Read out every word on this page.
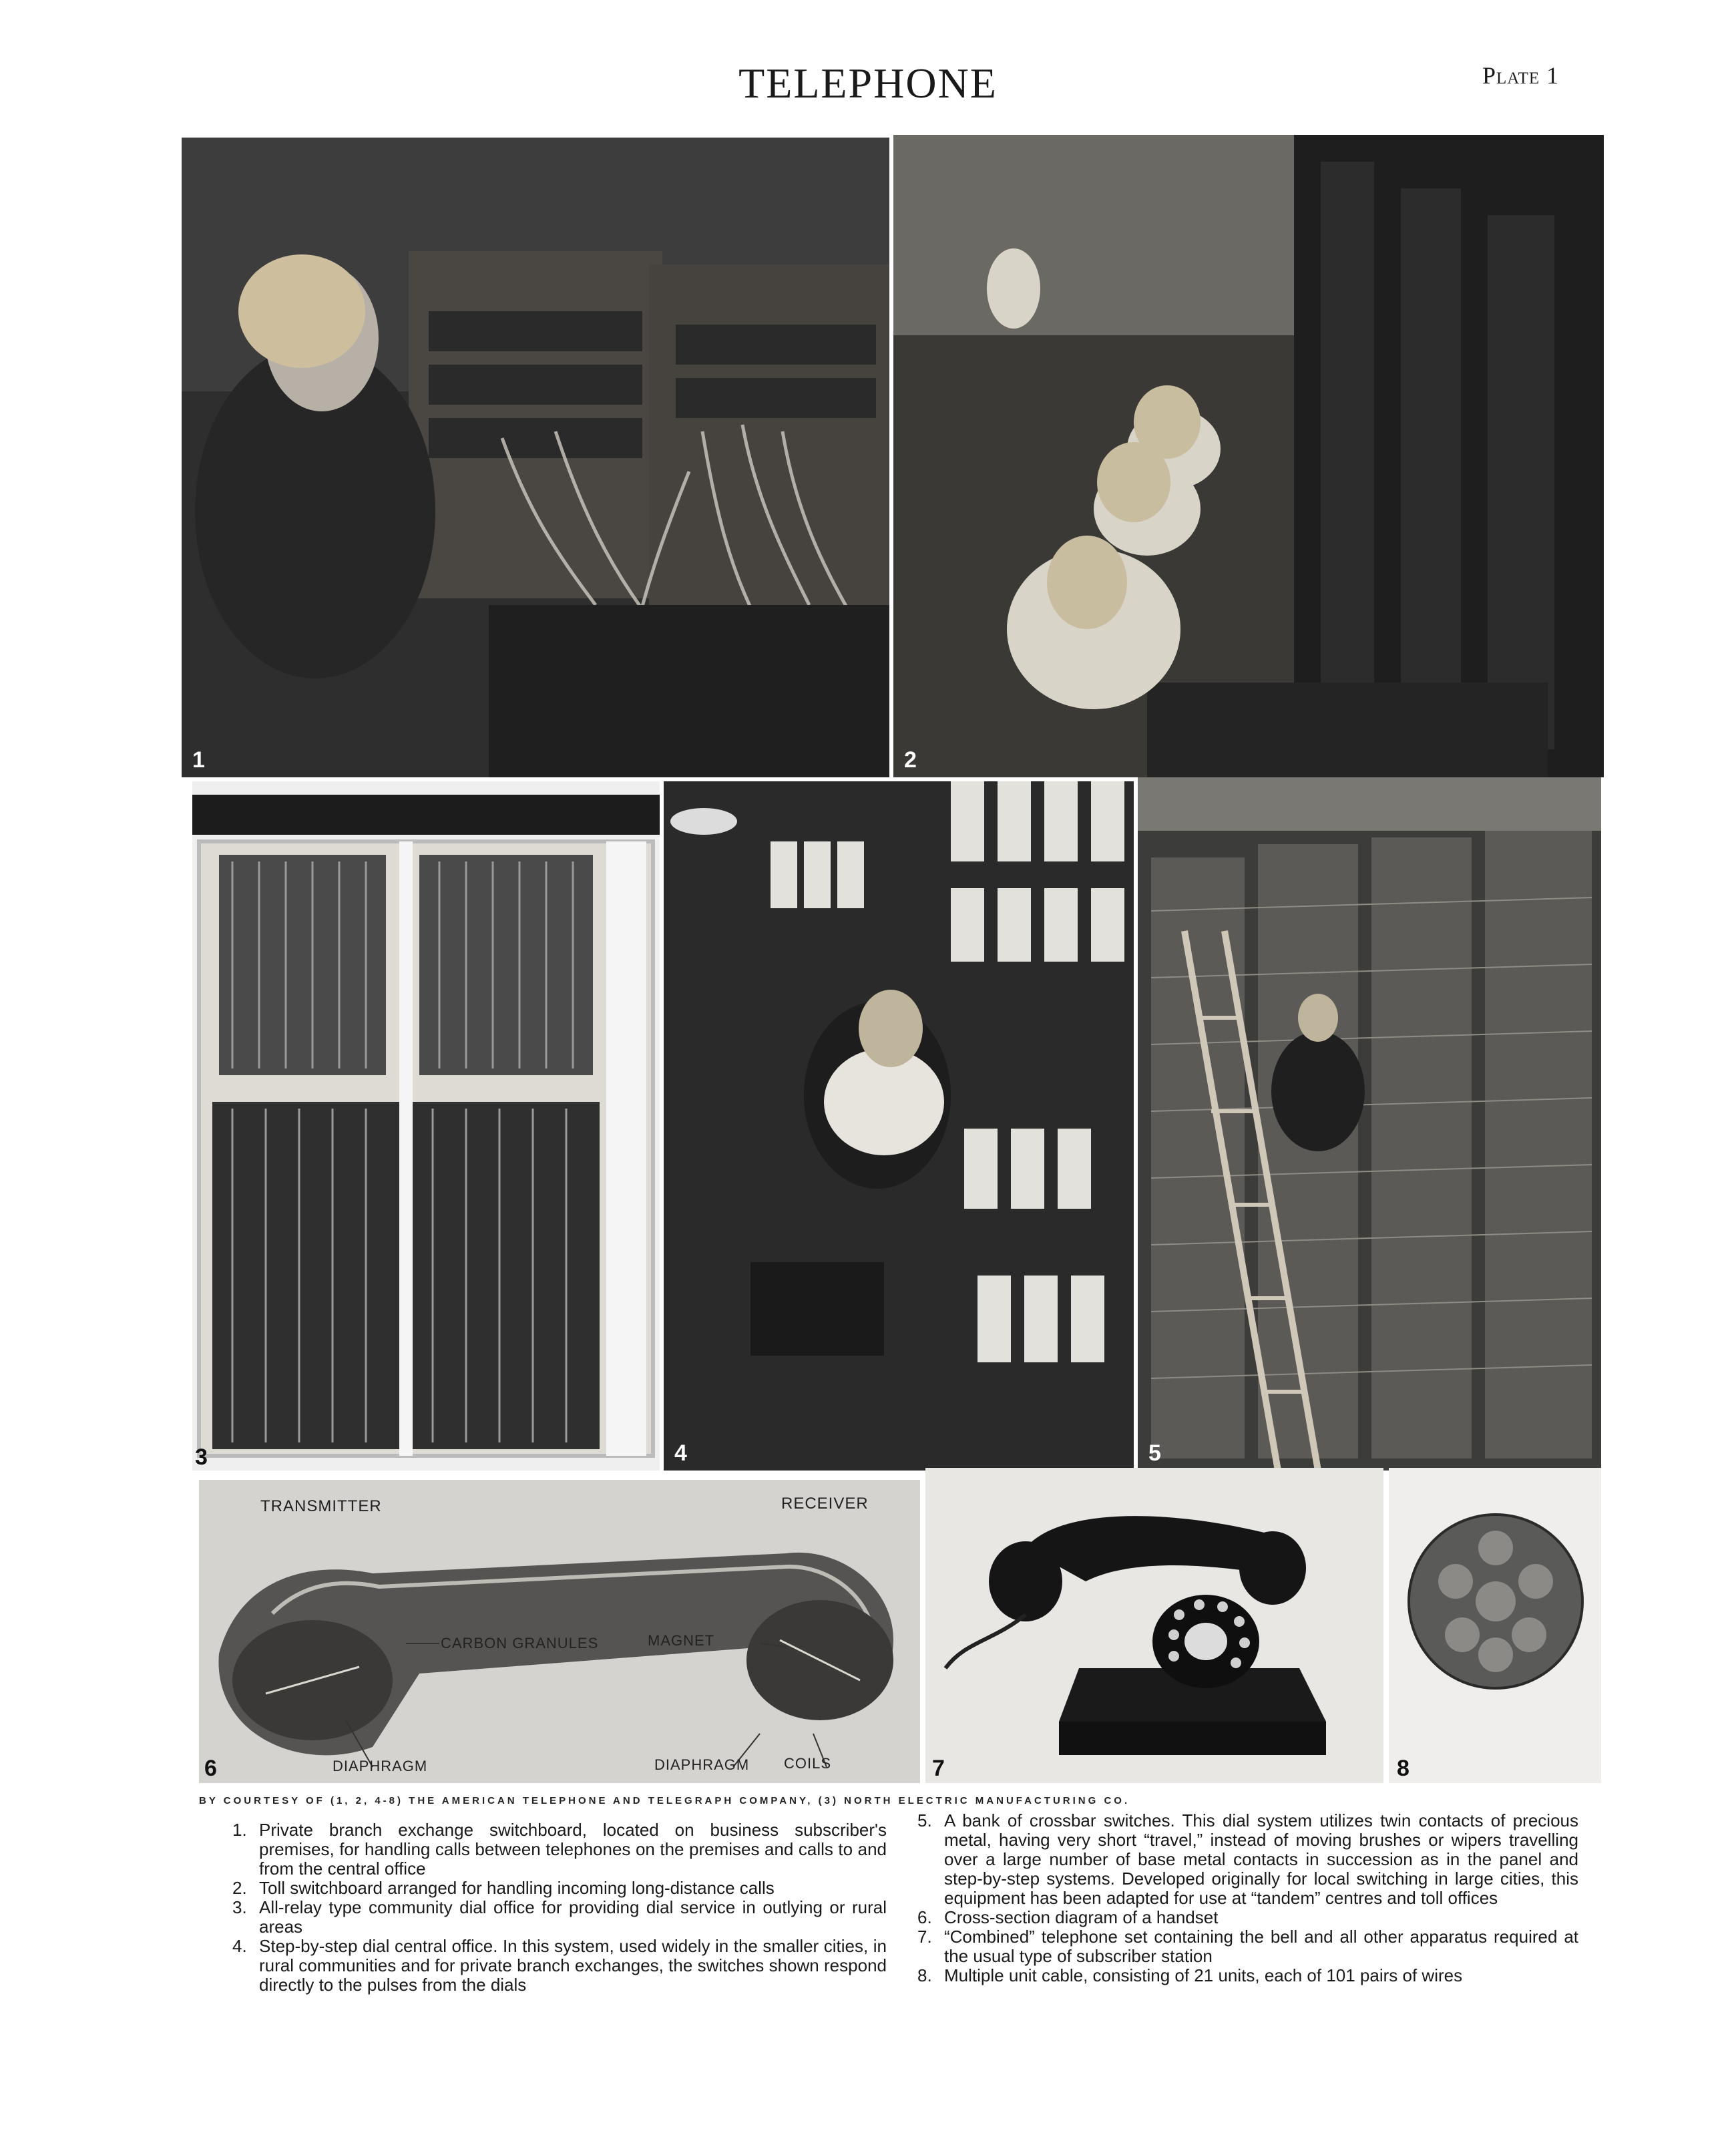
TELEPHONE	Plate 1
1	2
3	4	5
TRANSMITTER	RECEIVER
CARBON GRANULES	MAGNET
DIAPHRAGM	DIAPHRAGM COILS
6	7	8
BY COURTESY OF (1, 2, 4-8) THE AMERICAN TELEPHONE AND TELEGRAPH COMPANY, (3) NORTH ELECTRIC MANUFACTURING CO.

1. Private branch exchange switchboard, located on business subscriber's premises, for handling calls between telephones on the premises and calls to and from the central office

2. Toll switchboard arranged for handling incoming long-distance calls

3. All-relay type community dial office for providing dial service in outlying or rural areas

4. Step-by-step dial central office. In this system, used widely in the smaller cities, in rural communities and for private branch exchanges, the switches shown respond directly to the pulses from the dials

5. A bank of crossbar switches. This dial system utilizes twin contacts of precious metal, having very short “travel,” instead of moving brushes or wipers travelling over a large number of base metal contacts in succession as in the panel and step-by-step systems. Developed originally for local switching in large cities, this equipment has been adapted for use at “tandem” centres and toll offices

6. Cross-section diagram of a handset

7. “Combined” telephone set containing the bell and all other apparatus required at the usual type of subscriber station

8. Multiple unit cable, consisting of 21 units, each of 101 pairs of wires
